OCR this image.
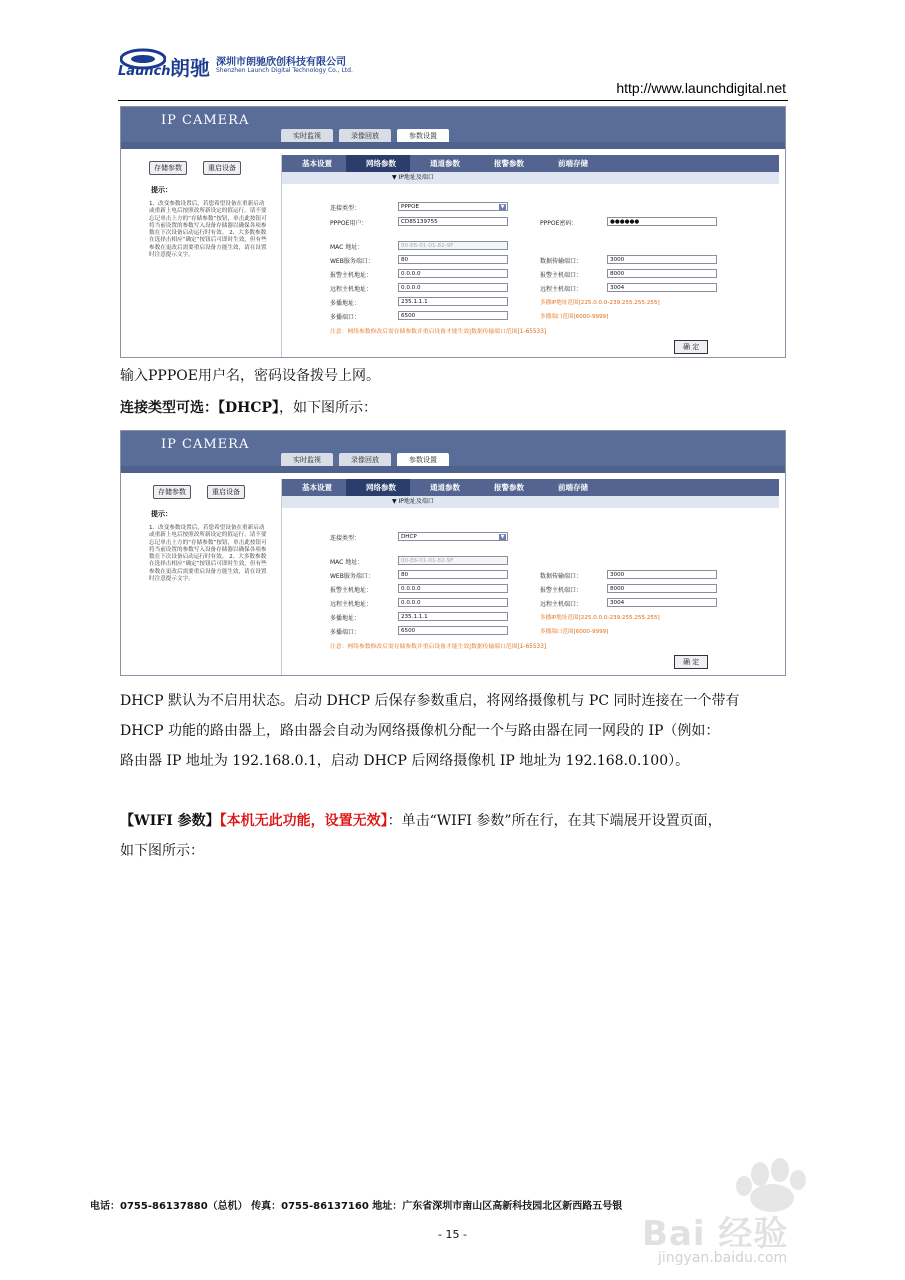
Launch 朗驰 深圳市朗驰欣创科技有限公司
Shenzhen Launch Digital Technology Co., Ltd.
http://www.launchdigital.net
IP CAMERA
实时监视	录像回放	参数设置
存储参数	重启设备
提示：
1、改变参数设置后，若您希望设备在重新启动或重新上电后按照改所新设定的值运行，请不要忘记单击上方的“存储参数”按钮，单击此按钮可将当前设置的参数写入设备存储器以确保各项参数在下次设备启动运行时有效。 2、大多数参数在选择击相应“确定”按钮后可即时生效，但有些参数在更改后需要重启设备方能生效，请在设置时注意提示文字。
基本设置	网络参数	通道参数	报警参数	前端存储
▼ IP地址及端口
连接类型：	PPPOE	▼
PPPOE用户：	CD85139755	PPPOE密码：	●●●●●●
MAC 地址：	00-E6-01-01-82-9F
WEB服务端口：	80	数据传输端口：	3000
报警主机地址：	0.0.0.0	报警主机端口：	8000
远程主机地址：	0.0.0.0	远程主机端口：	3004
多播地址：	235.1.1.1	多播IP地址范围[225.0.0.0-239.255.255.255]
多播端口：	6500	多播端口范围[6000-9999]
注意：网络参数修改后需存储参数并重启设备才能生效|数据传输端口范围[1-65533]
确 定
输入PPPOE用户名，密码设备拨号上网。
连接类型可选：【DHCP】，如下图所示：
IP CAMERA
实时监视	录像回放	参数设置
存储参数	重启设备
提示：
1、改变参数设置后，若您希望设备在重新启动或重新上电后按照改所新设定的值运行，请不要忘记单击上方的“存储参数”按钮，单击此按钮可将当前设置的参数写入设备存储器以确保各项参数在下次设备启动运行时有效。 2、大多数参数在选择击相应“确定”按钮后可即时生效，但有些参数在更改后需要重启设备方能生效，请在设置时注意提示文字。
基本设置	网络参数	通道参数	报警参数	前端存储
▼ IP地址及端口
连接类型：	DHCP	▼
MAC 地址：	00-E6-01-01-82-9F
WEB服务端口：	80	数据传输端口：	3000
报警主机地址：	0.0.0.0	报警主机端口：	8000
远程主机地址：	0.0.0.0	远程主机端口：	3004
多播地址：	235.1.1.1	多播IP地址范围[225.0.0.0-239.255.255.255]
多播端口：	6500	多播端口范围[6000-9999]
注意：网络参数修改后需存储参数并重启设备才能生效|数据传输端口范围[1-65533]
确 定
DHCP 默认为不启用状态。启动 DHCP 后保存参数重启，将网络摄像机与 PC 同时连接在一个带有
DHCP 功能的路由器上，路由器会自动为网络摄像机分配一个与路由器在同一网段的 IP（例如：
路由器 IP 地址为 192.168.0.1，启动 DHCP 后网络摄像机 IP 地址为 192.168.0.100）。
【WIFI 参数】【本机无此功能，设置无效】：单击“WIFI 参数”所在行，在其下端展开设置页面，
如下图所示：
Bai 经验
jingyan.baidu.com
电话：0755-86137880（总机） 传真：0755-86137160 地址：广东省深圳市南山区高新科技园北区新西路五号银
- 15 -
